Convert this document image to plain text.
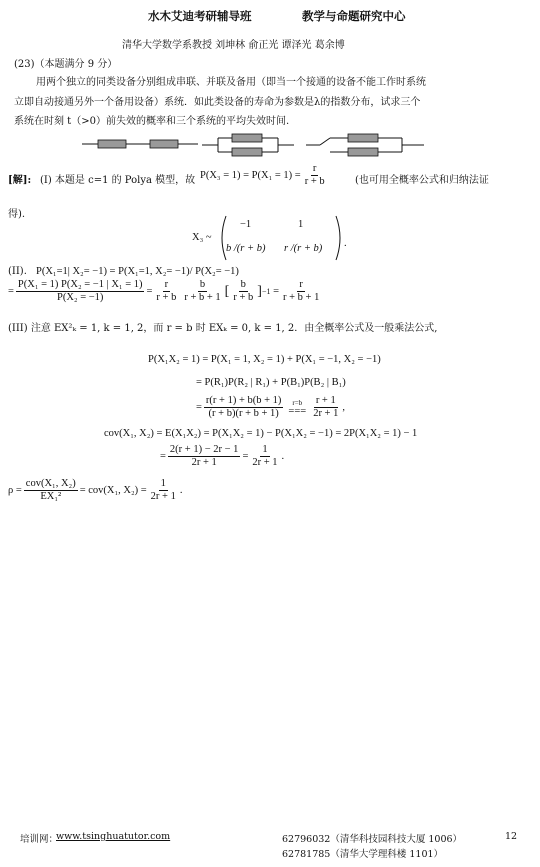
水木艾迪考研辅导班	教学与命题研究中心
清华大学数学系教授 刘坤林 俞正光 谭泽光 葛余博
(23)（本题满分 9 分）
用两个独立的同类设备分别组成串联、并联及备用（即当一个接通的设备不能工作时系统
立即自动接通另外一个备用设备）系统．如此类设备的寿命为参数是λ的指数分布，试求三个
系统在时刻 t（>0）前失效的概率和三个系统的平均失效时间.
[解]: (I) 本题是 c=1 的 Polya 模型，故 $P(X_3 = 1) = P(X_1 = 1) = \frac{r}{r + b}$	(也可用全概率公式和归纳法证
得).
X₃ ~
−1	1
b /(r + b) r /(r + b) .
(II). P(X₁=1| X₂= −1) = P(X₁=1, X₂= −1)/ P(X₂= −1)
= $\frac{\text{P(X₁ = 1) P(X₂ = −1 | X₁ = 1)}}{\text{P(X₂ = −1)}} = \frac{r}{r + b} \frac{b}{r + b + 1}$ [ $\frac{b}{r + b}$ ] $-1 = \frac{r}{r + b + 1}$
(III) 注意 EX²ₖ = 1, k = 1, 2，而 r = b 时 EXₖ = 0, k = 1, 2．由全概率公式及一般乘法公式,
P(X₁X₂ = 1) = P(X₁ = 1, X₂ = 1) + P(X₁ = −1, X₂ = −1)
= P(R₁)P(R₂ | R₁) + P(B₁)P(B₂ | B₁)
= $\frac{r(r + 1) + b(b + 1)}{(r + b)(r + b + 1)} r=b$
=== $\frac{r + 1}{2r + 1}$ ,
cov(X₁, X₂) = E(X₁X₂) = P(X₁X₂ = 1) − P(X₁X₂ = −1) = 2P(X₁X₂ = 1) − 1
= $\frac{2(r + 1) - 2r - 1}{2r + 1} = \frac{1}{2r + 1}$ .
$\rho = \frac{\text{cov(X₁, X₂)}}{\text{EX₁²}} = cov(X_1$, $X_2) = \frac{1}{2r + 1}$ .
培训网：
www.tsinghuatutor.com	62796032（清华科技园科技大厦 1006）
62781785（清华大学理科楼 1101）
12
